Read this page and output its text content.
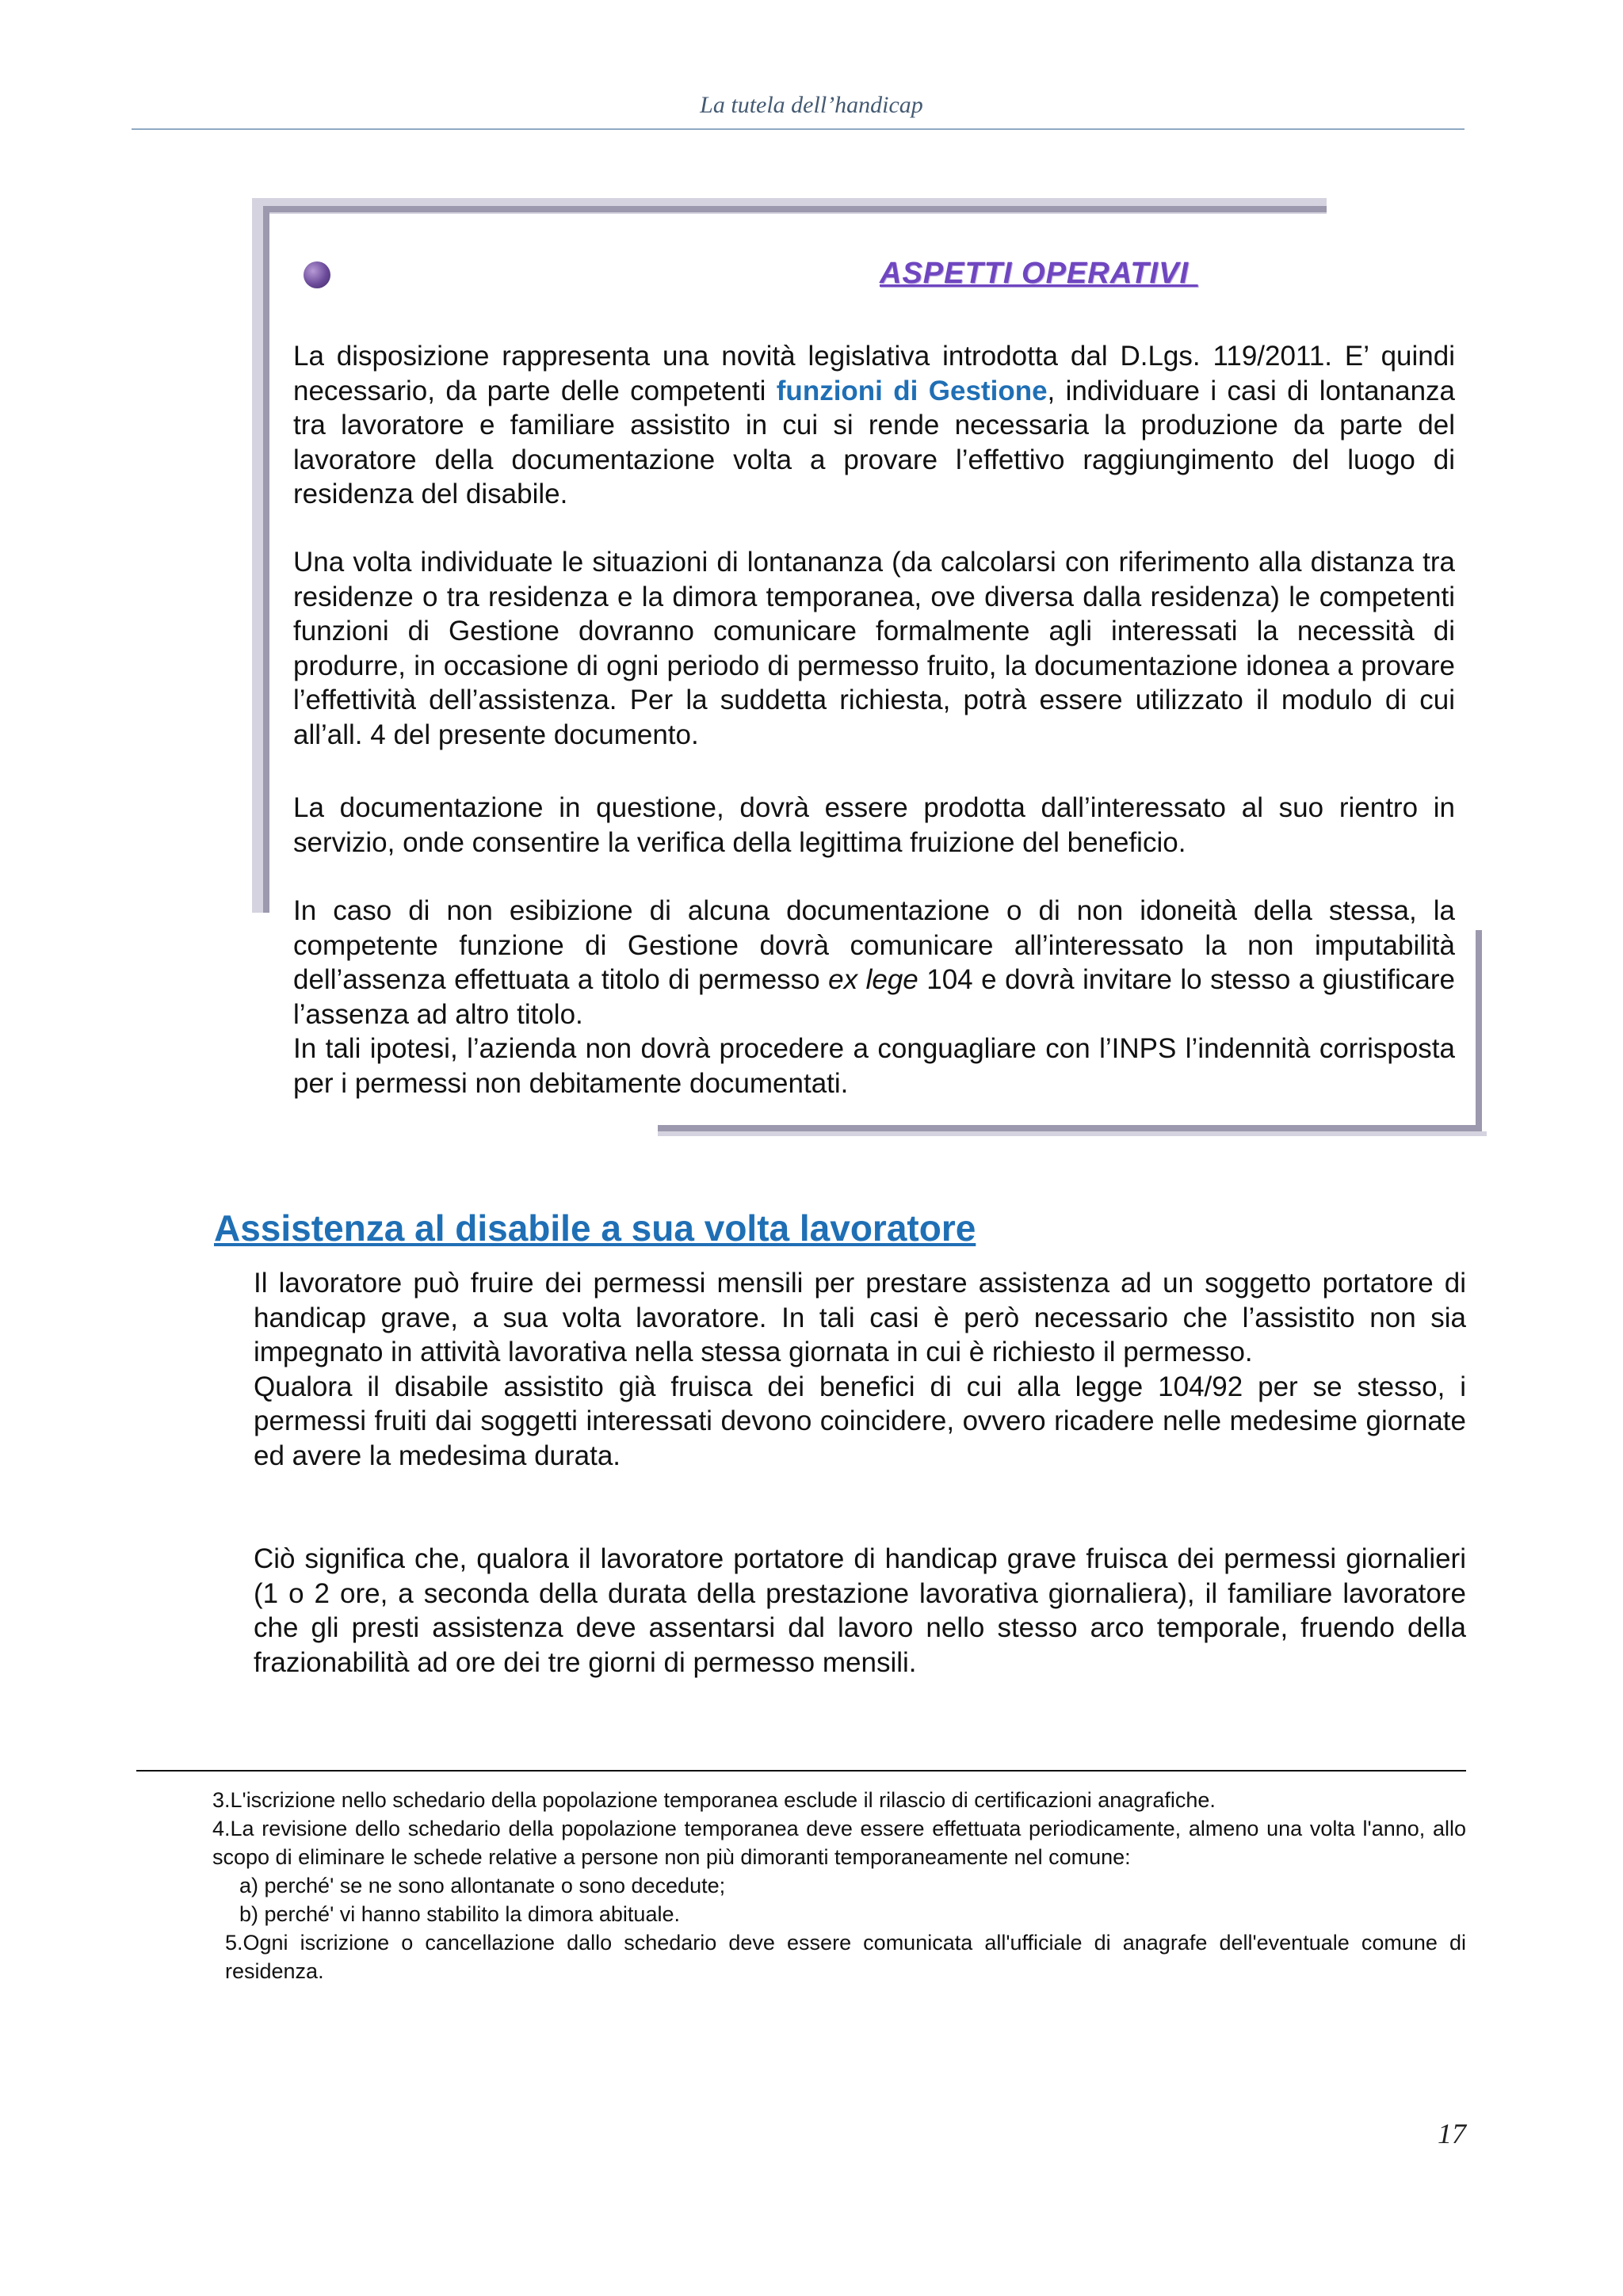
La tutela dell’handicap
ASPETTI OPERATIVI

La disposizione rappresenta una novità legislativa introdotta dal D.Lgs. 119/2011. E’ quindi necessario, da parte delle competenti funzioni di Gestione, individuare i casi di lontananza tra lavoratore e familiare assistito in cui si rende necessaria la produzione da parte del lavoratore della documentazione volta a provare l’effettivo raggiungimento del luogo di residenza del disabile.

Una volta individuate le situazioni di lontananza (da calcolarsi con riferimento alla distanza tra residenze o tra residenza e la dimora temporanea, ove diversa dalla residenza) le competenti funzioni di Gestione dovranno comunicare formalmente agli interessati la necessità di produrre, in occasione di ogni periodo di permesso fruito, la documentazione idonea a provare l’effettività dell’assistenza. Per la suddetta richiesta, potrà essere utilizzato il modulo di cui all’all. 4 del presente documento.

La documentazione in questione, dovrà essere prodotta dall’interessato al suo rientro in servizio, onde consentire la verifica della legittima fruizione del beneficio.

In caso di non esibizione di alcuna documentazione o di non idoneità della stessa, la competente funzione di Gestione dovrà comunicare all’interessato la non imputabilità dell’assenza effettuata a titolo di permesso ex lege 104 e dovrà invitare lo stesso a giustificare l’assenza ad altro titolo.
In tali ipotesi, l’azienda non dovrà procedere a conguagliare con l’INPS l’indennità corrisposta per i permessi non debitamente documentati.

Assistenza al disabile a sua volta lavoratore

Il lavoratore può fruire dei permessi mensili per prestare assistenza ad un soggetto portatore di handicap grave, a sua volta lavoratore. In tali casi è però necessario che l’assistito non sia impegnato in attività lavorativa nella stessa giornata in cui è richiesto il permesso.
Qualora il disabile assistito già fruisca dei benefici di cui alla legge 104/92 per se stesso, i permessi fruiti dai soggetti interessati devono coincidere, ovvero ricadere nelle medesime giornate ed avere la medesima durata.

Ciò significa che, qualora il lavoratore portatore di handicap grave fruisca dei permessi giornalieri (1 o 2 ore, a seconda della durata della prestazione lavorativa giornaliera), il familiare lavoratore che gli presti assistenza deve assentarsi dal lavoro nello stesso arco temporale, fruendo della frazionabilità ad ore dei tre giorni di permesso mensili.

3.L'iscrizione nello schedario della popolazione temporanea esclude il rilascio di certificazioni anagrafiche.

4.La revisione dello schedario della popolazione temporanea deve essere effettuata periodicamente, almeno una volta l'anno, allo scopo di eliminare le schede relative a persone non più dimoranti temporaneamente nel comune:

a) perché' se ne sono allontanate o sono decedute;

b) perché' vi hanno stabilito la dimora abituale.

5.Ogni iscrizione o cancellazione dallo schedario deve essere comunicata all'ufficiale di anagrafe dell'eventuale comune di residenza.

17
